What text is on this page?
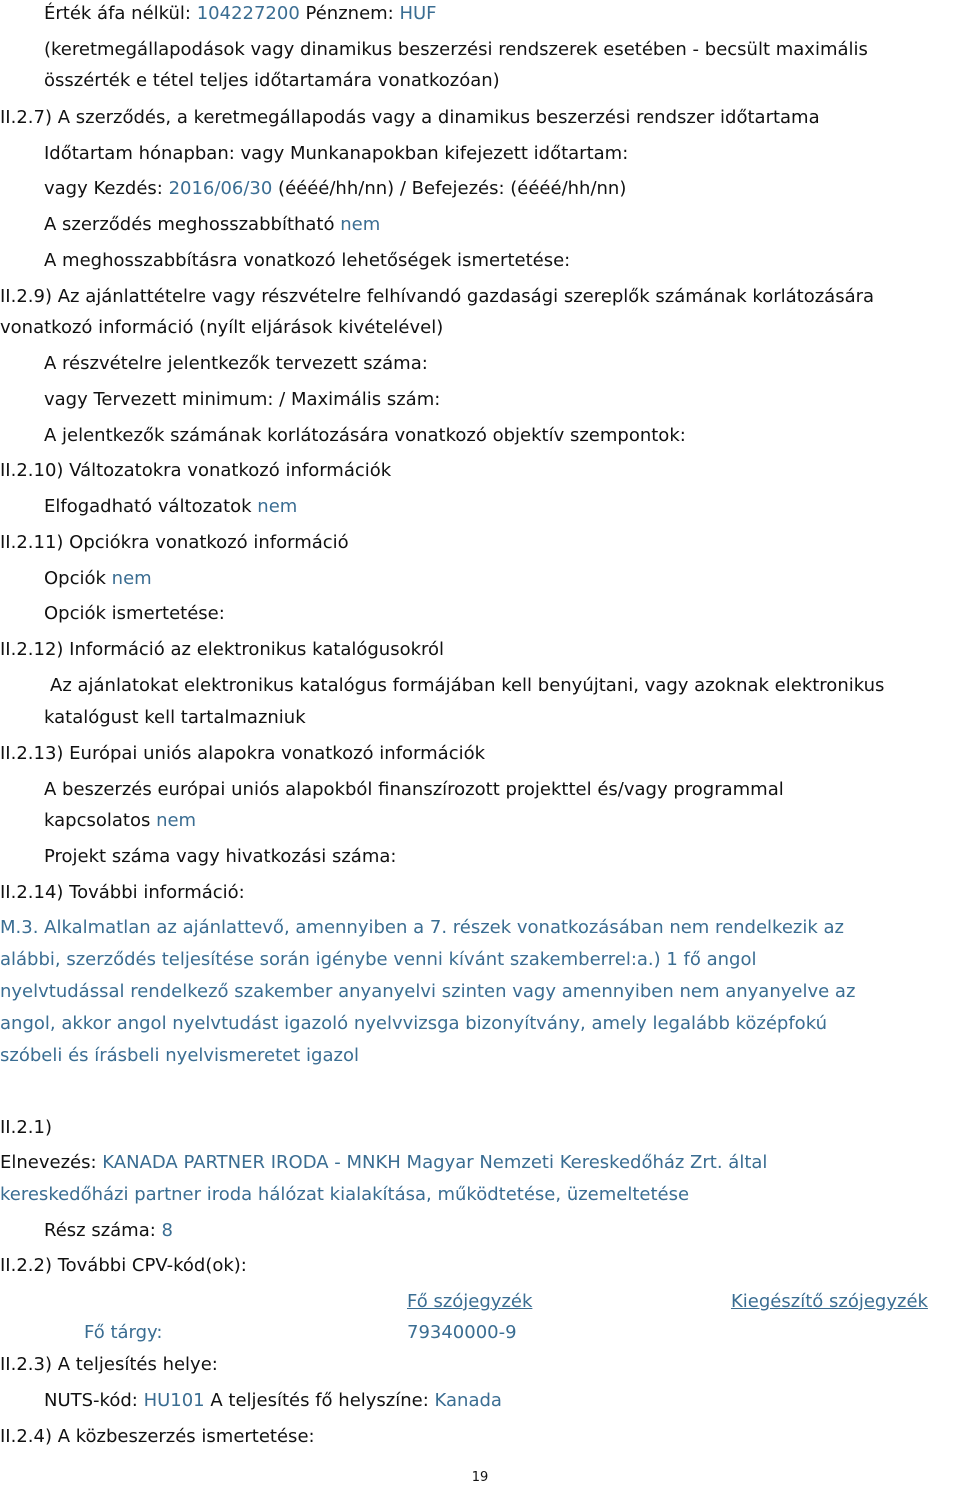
Érték áfa nélkül: 104227200 Pénznem: HUF
(keretmegállapodások vagy dinamikus beszerzési rendszerek esetében - becsült maximális
összérték e tétel teljes időtartamára vonatkozóan)
II.2.7) A szerződés, a keretmegállapodás vagy a dinamikus beszerzési rendszer időtartama
Időtartam hónapban: vagy Munkanapokban kifejezett időtartam:
vagy Kezdés: 2016/06/30 (éééé/hh/nn) / Befejezés: (éééé/hh/nn)
A szerződés meghosszabbítható nem
A meghosszabbításra vonatkozó lehetőségek ismertetése:
II.2.9) Az ajánlattételre vagy részvételre felhívandó gazdasági szereplők számának korlátozására
vonatkozó információ (nyílt eljárások kivételével)
A részvételre jelentkezők tervezett száma:
vagy Tervezett minimum: / Maximális szám:
A jelentkezők számának korlátozására vonatkozó objektív szempontok:
II.2.10) Változatokra vonatkozó információk
Elfogadható változatok nem
II.2.11) Opciókra vonatkozó információ
Opciók nem
Opciók ismertetése:
II.2.12) Információ az elektronikus katalógusokról
Az ajánlatokat elektronikus katalógus formájában kell benyújtani, vagy azoknak elektronikus
katalógust kell tartalmazniuk
II.2.13) Európai uniós alapokra vonatkozó információk
A beszerzés európai uniós alapokból finanszírozott projekttel és/vagy programmal
kapcsolatos nem
Projekt száma vagy hivatkozási száma:
II.2.14) További információ:
M.3. Alkalmatlan az ajánlattevő, amennyiben a 7. részek vonatkozásában nem rendelkezik az
alábbi, szerződés teljesítése során igénybe venni kívánt szakemberrel:a.) 1 fő angol
nyelvtudással rendelkező szakember anyanyelvi szinten vagy amennyiben nem anyanyelve az
angol, akkor angol nyelvtudást igazoló nyelvvizsga bizonyítvány, amely legalább középfokú
szóbeli és írásbeli nyelvismeretet igazol
II.2.1)
Elnevezés: KANADA PARTNER IRODA - MNKH Magyar Nemzeti Kereskedőház Zrt. által
kereskedőházi partner iroda hálózat kialakítása, működtetése, üzemeltetése
Rész száma: 8
II.2.2) További CPV-kód(ok):
Fő szójegyzék	Kiegészítő szójegyzék
Fő tárgy:	79340000-9
II.2.3) A teljesítés helye:
NUTS-kód: HU101 A teljesítés fő helyszíne: Kanada
II.2.4) A közbeszerzés ismertetése:
19
